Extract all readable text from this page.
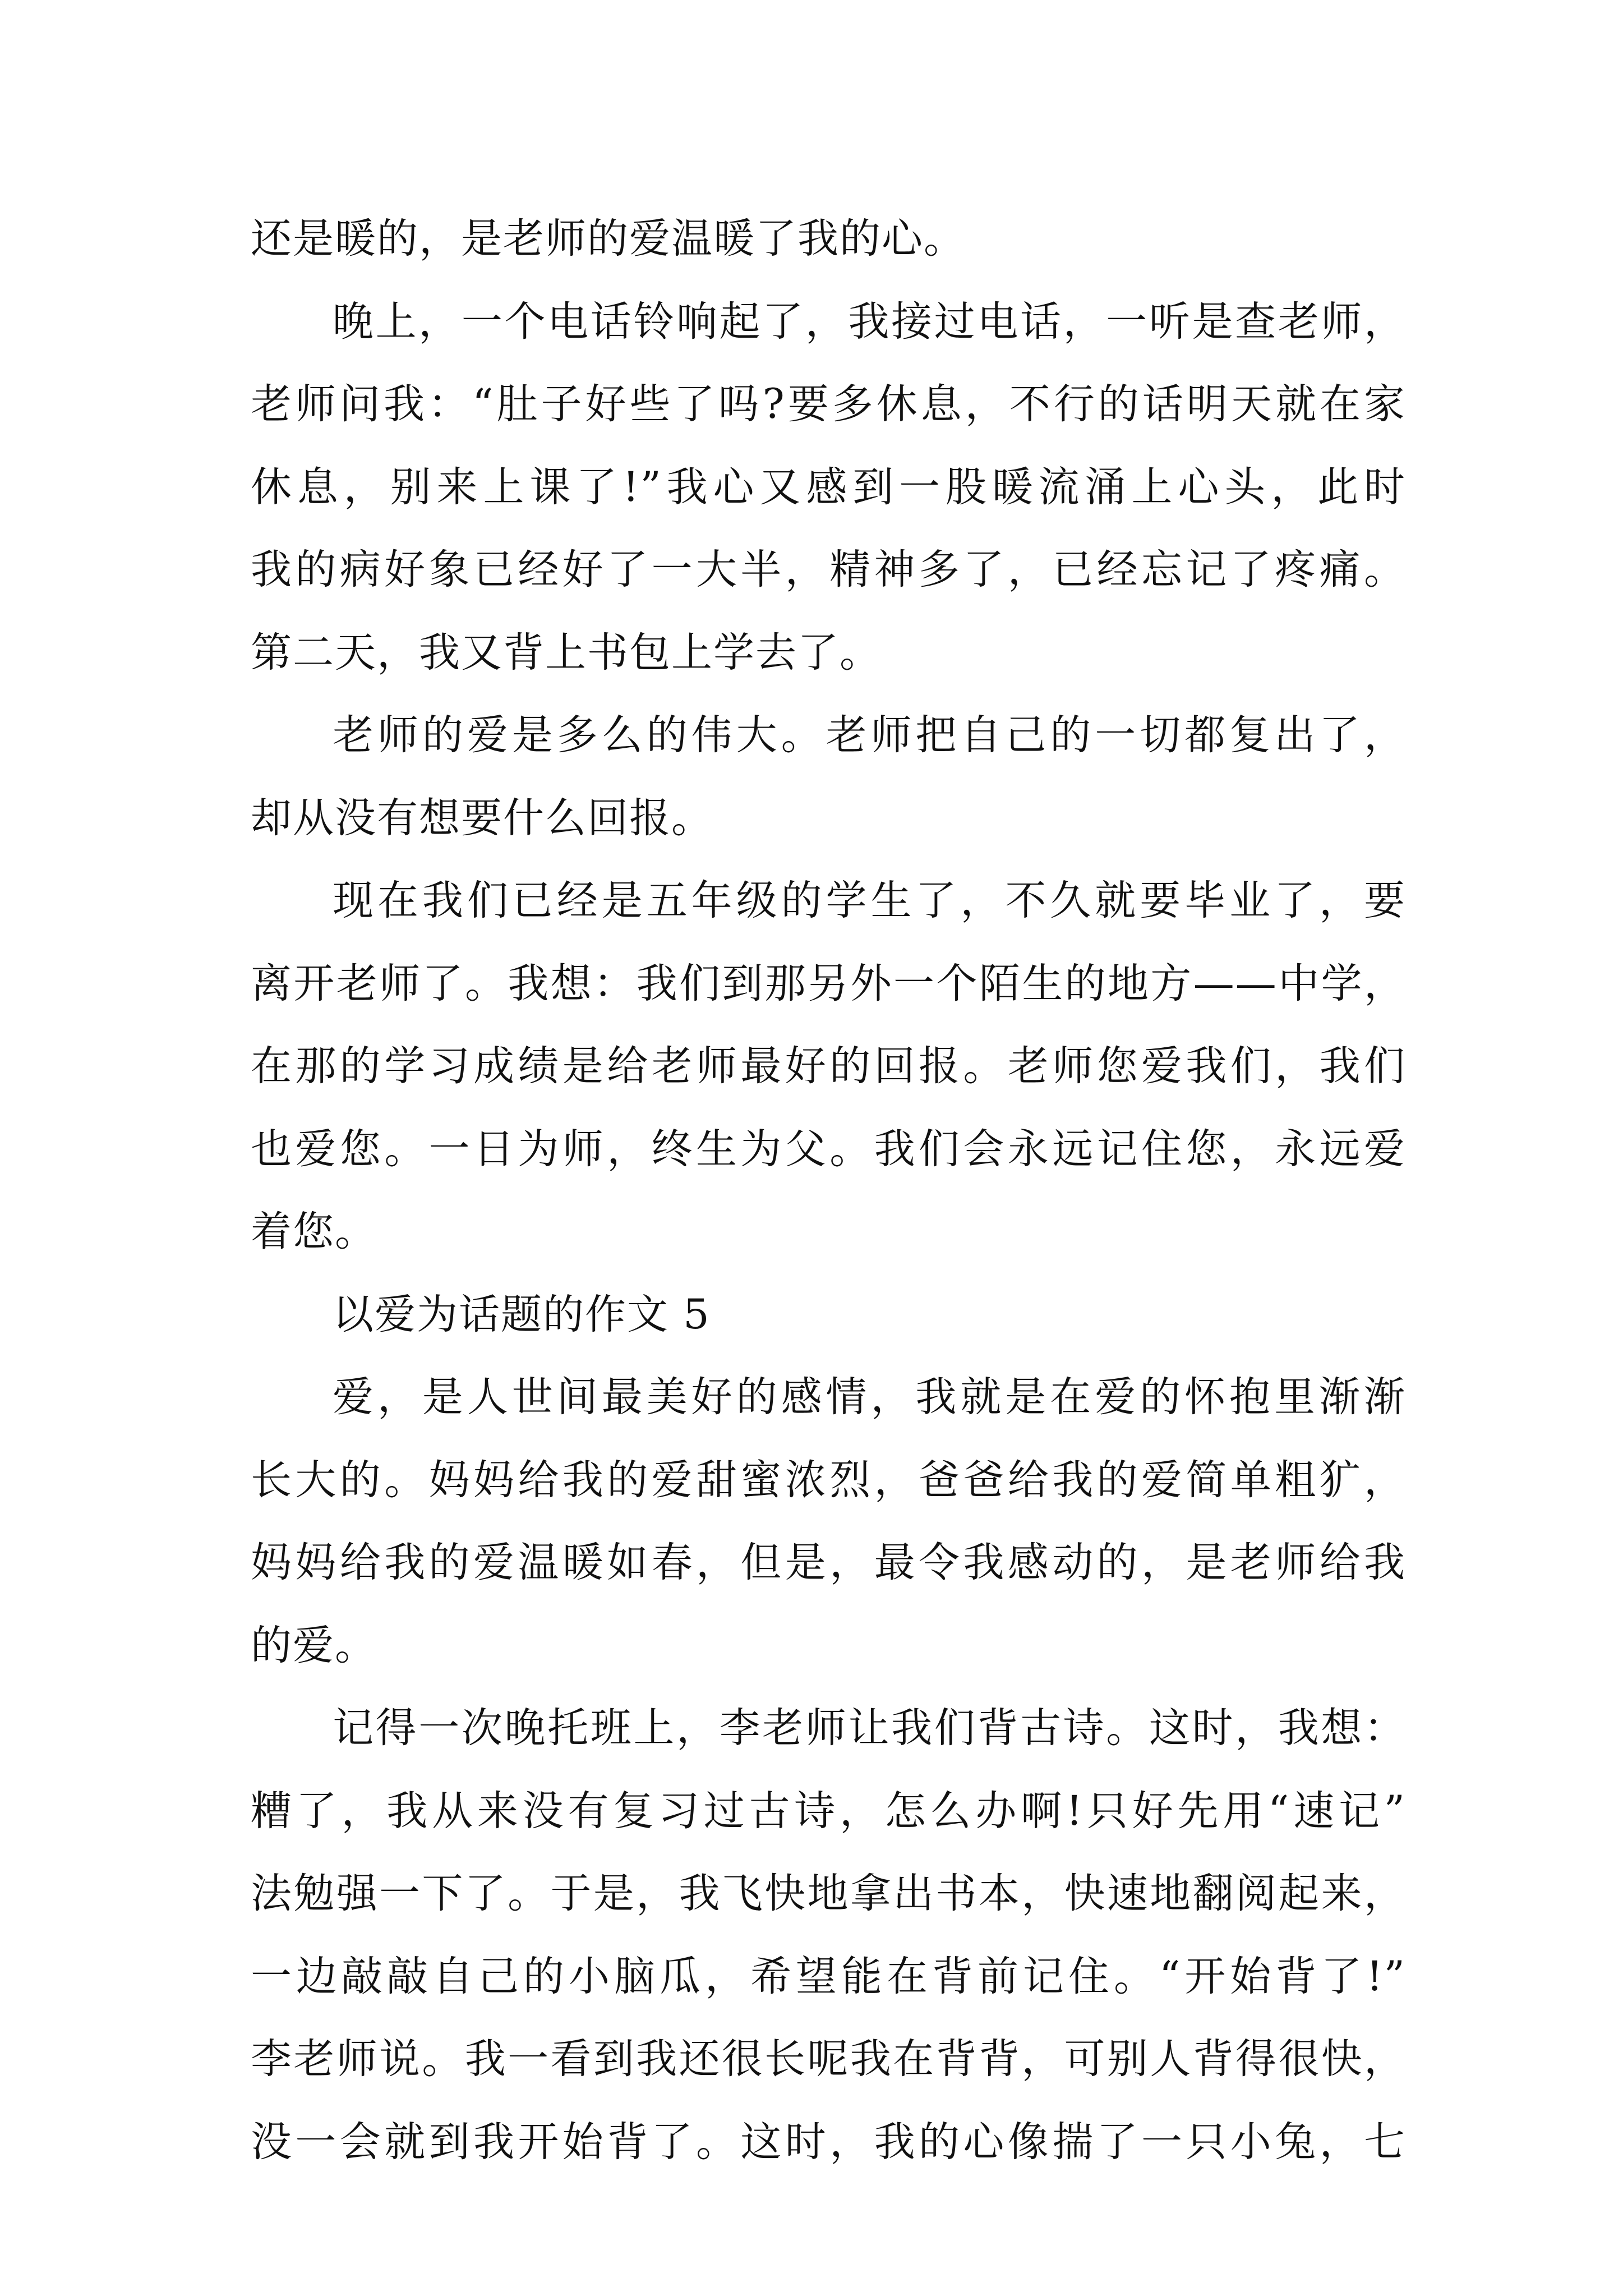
还是暖的，是老师的爱温暖了我的心。
晚上，一个电话铃响起了，我接过电话，一听是查老师，
老师问我：“肚子好些了吗?要多休息，不行的话明天就在家
休息，别来上课了!”我心又感到一股暖流涌上心头，此时
我的病好象已经好了一大半，精神多了，已经忘记了疼痛。
第二天，我又背上书包上学去了。
老师的爱是多么的伟大。老师把自己的一切都复出了，
却从没有想要什么回报。
现在我们已经是五年级的学生了，不久就要毕业了，要
离开老师了。我想：我们到那另外一个陌生的地方——中学，
在那的学习成绩是给老师最好的回报。老师您爱我们，我们
也爱您。一日为师，终生为父。我们会永远记住您，永远爱
着您。
以爱为话题的作文 5
爱，是人世间最美好的感情，我就是在爱的怀抱里渐渐
长大的。妈妈给我的爱甜蜜浓烈，爸爸给我的爱简单粗犷，
妈妈给我的爱温暖如春，但是，最令我感动的，是老师给我
的爱。
记得一次晚托班上，李老师让我们背古诗。这时，我想：
糟了，我从来没有复习过古诗，怎么办啊!只好先用“速记”
法勉强一下了。于是，我飞快地拿出书本，快速地翻阅起来，
一边敲敲自己的小脑瓜，希望能在背前记住。“开始背了!”
李老师说。我一看到我还很长呢我在背背，可别人背得很快，
没一会就到我开始背了。这时，我的心像揣了一只小兔，七
